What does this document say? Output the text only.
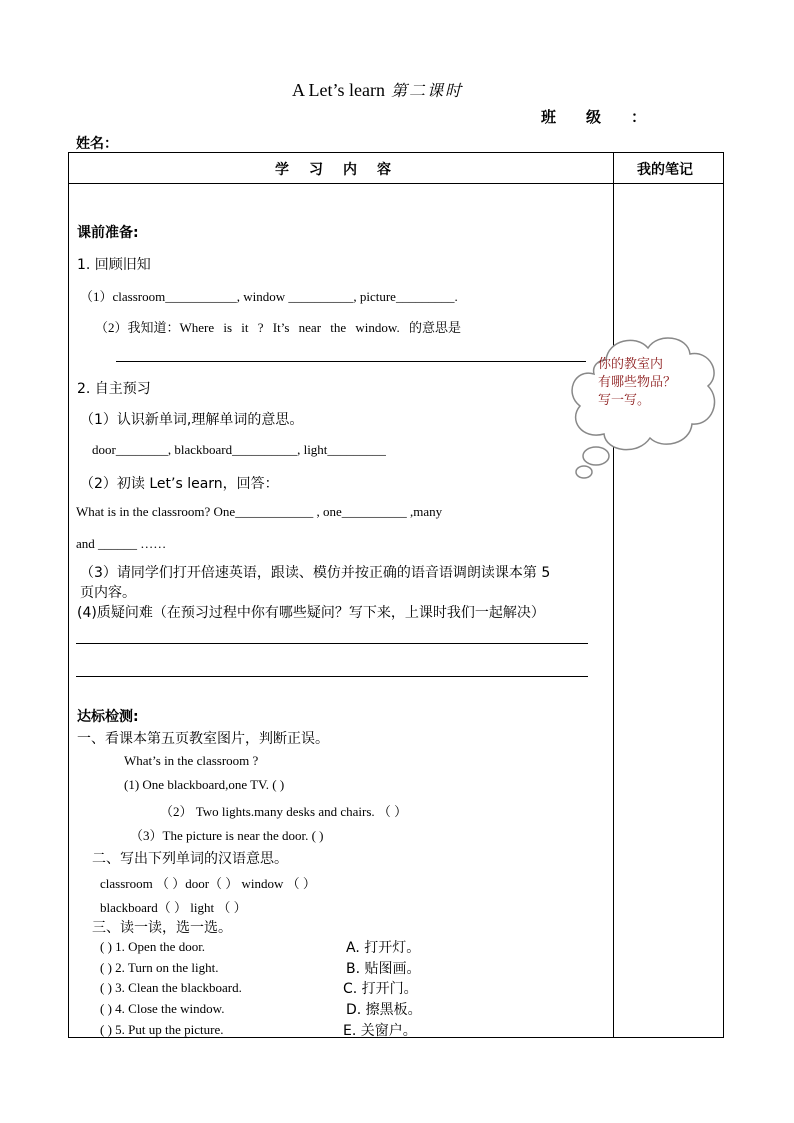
A Let’s learn 第二课时
班　　级　　：
姓名：
学习内容	我的笔记
课前准备:
1. 回顾旧知
（1）classroom___________, window __________, picture_________.
（2）我知道：Where is it ? It’s near the window. 的意思是
2. 自主预习
（1）认识新单词,理解单词的意思。
door________, blackboard__________, light_________
（2）初读 Let’s learn，回答：
What is in the classroom? One____________ , one__________ ,many
and ______ ……
（3）请同学们打开倍速英语，跟读、模仿并按正确的语音语调朗读课本第 5
页内容。
(4)质疑问难（在预习过程中你有哪些疑问？写下来，上课时我们一起解决）
你的教室内
有哪些物品？
写一写。
达标检测:
一、看课本第五页教室图片，判断正误。
What’s in the classroom ?
(1) One blackboard,one TV. ( )
（2） Two lights.many desks and chairs. （ ）
（3）The picture is near the door. ( )
二、写出下列单词的汉语意思。
classroom （ ）door（ ） window （ ）
blackboard（ ） light （ ）
三、读一读，选一选。
( ) 1. Open the door.	A. 打开灯。
( ) 2. Turn on the light.	B. 贴图画。
( ) 3. Clean the blackboard.	C. 打开门。
( ) 4. Close the window.	D. 擦黑板。
( ) 5. Put up the picture.	E. 关窗户。
